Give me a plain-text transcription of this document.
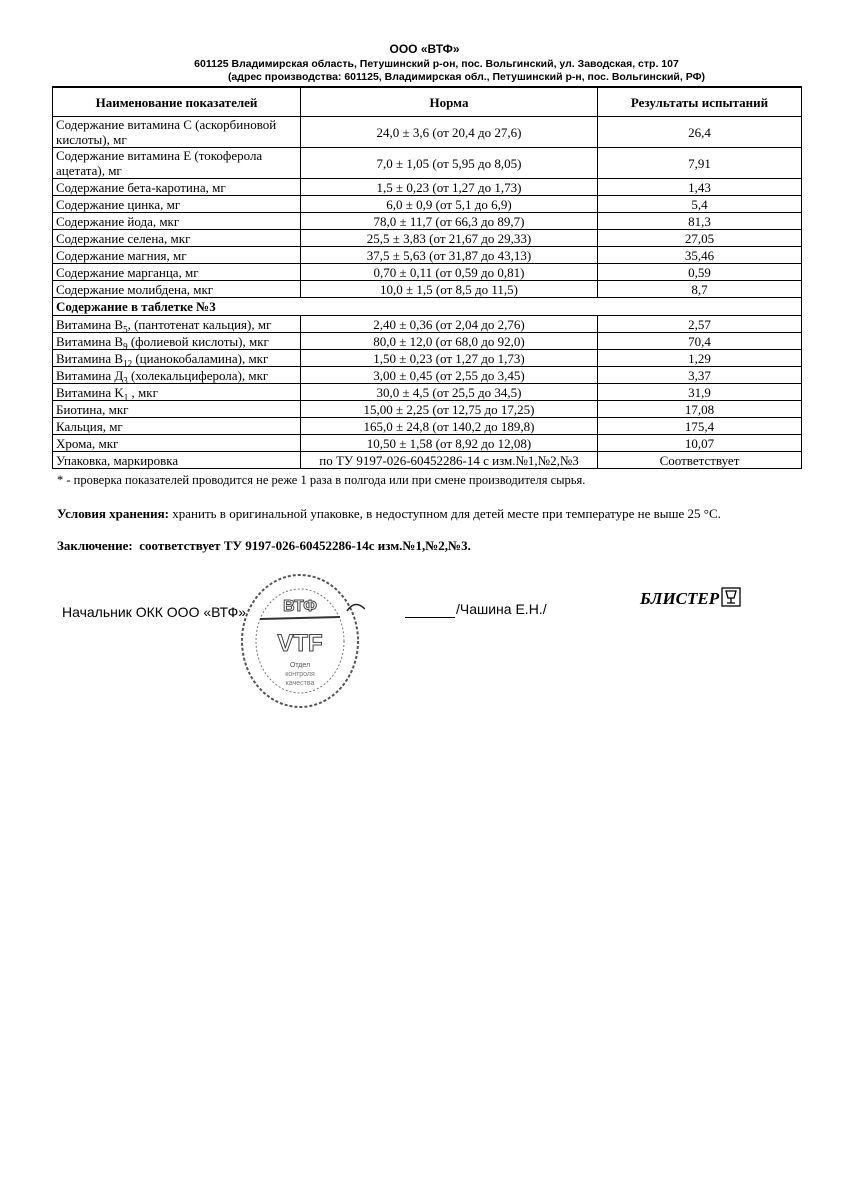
ООО «ВТФ»
601125 Владимирская область, Петушинский р-он, пос. Вольгинский, ул. Заводская, стр. 107
(адрес производства: 601125, Владимирская обл., Петушинский р-н, пос. Вольгинский, РФ)
Наименование показателей	Норма	Результаты испытаний
Содержание витамина С (аскорбиновой кислоты), мг	24,0 ± 3,6 (от 20,4 до 27,6)	26,4
Содержание витамина Е (токоферола ацетата), мг	7,0 ± 1,05 (от 5,95 до 8,05)	7,91
Содержание бета-каротина, мг	1,5 ± 0,23 (от 1,27 до 1,73)	1,43
Содержание цинка, мг	6,0 ± 0,9 (от 5,1 до 6,9)	5,4
Содержание йода, мкг	78,0 ± 11,7 (от 66,3 до 89,7)	81,3
Содержание селена, мкг	25,5 ± 3,83 (от 21,67 до 29,33)	27,05
Содержание магния, мг	37,5 ± 5,63 (от 31,87 до 43,13)	35,46
Содержание марганца, мг	0,70 ± 0,11 (от 0,59 до 0,81)	0,59
Содержание молибдена, мкг	10,0 ± 1,5 (от 8,5 до 11,5)	8,7
Содержание в таблетке №3		
Витамина $B_5$, (пантотенат кальция), мг	2,40 ± 0,36 (от 2,04 до 2,76)	2,57
Витамина $B_9$ (фолиевой кислоты), мкг	80,0 ± 12,0 (от 68,0 до 92,0)	70,4
Витамина $B_{12}$ (цианокобаламина), мкг	1,50 ± 0,23 (от 1,27 до 1,73)	1,29
Витамина $Д_3$ (холекальциферола), мкг	3,00 ± 0,45 (от 2,55 до 3,45)	3,37
Витамина $K_1$ , мкг	30,0 ± 4,5 (от 25,5 до 34,5)	31,9
Биотина, мкг	15,00 ± 2,25 (от 12,75 до 17,25)	17,08
Кальция, мг	165,0 ± 24,8 (от 140,2 до 189,8)	175,4
Хрома, мкг	10,50 ± 1,58 (от 8,92 до 12,08)	10,07
Упаковка, маркировка	по ТУ 9197-026-60452286-14 с изм.№1,№2,№3	Соответствует
* - проверка показателей проводится не реже 1 раза в полгода или при смене производителя сырья.
Условия хранения: хранить в оригинальной упаковке, в недоступном для детей месте при температуре не выше 25 °С.
Заключение:  соответствует ТУ 9197-026-60452286-14с изм.№1,№2,№3.
ВТФ
VTF
Отдел
контроля
качества
Начальник ОКК ООО «ВТФ»	/Чашина Е.Н./
БЛИСТЕР
